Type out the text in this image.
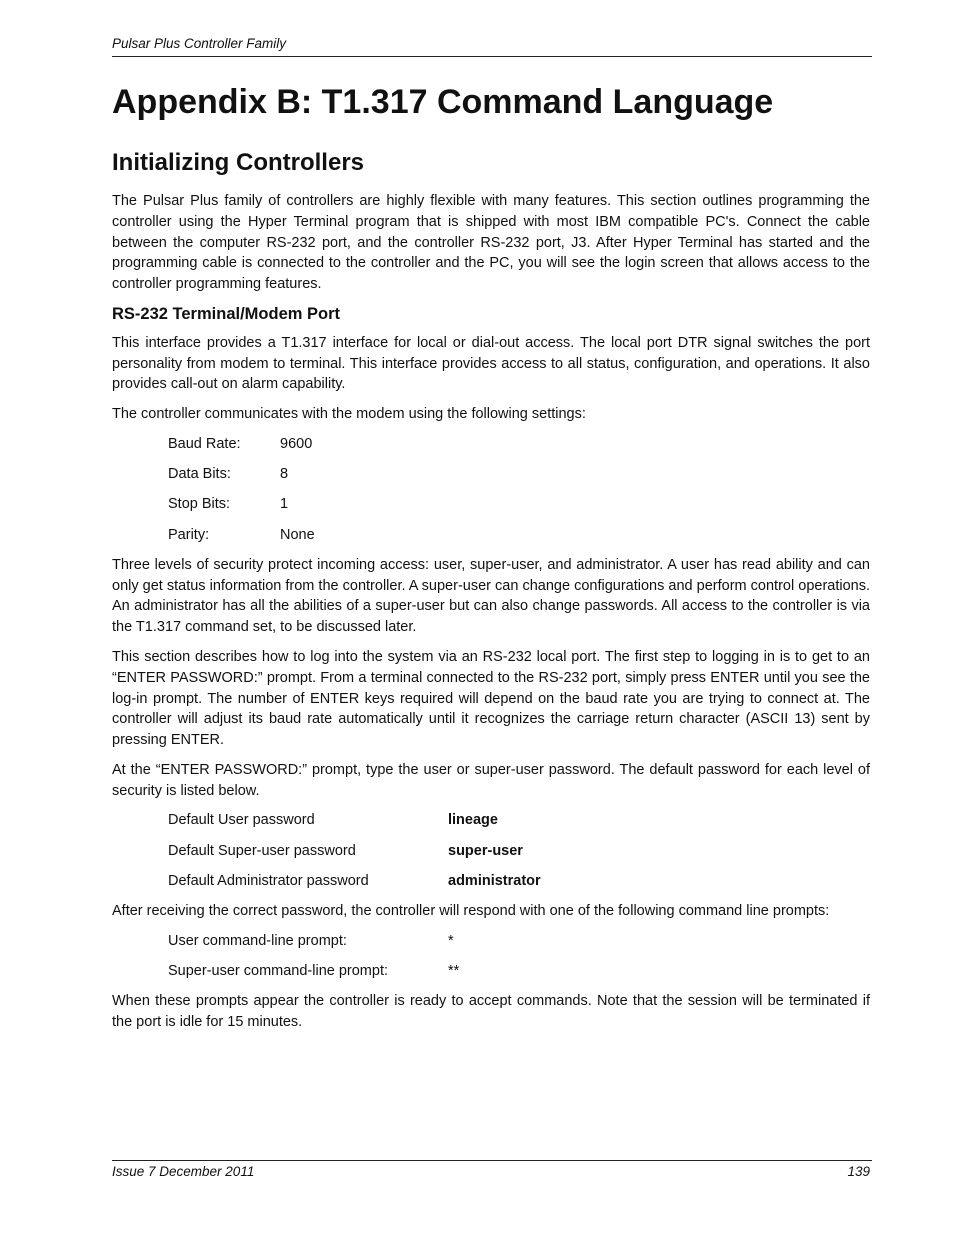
Pulsar Plus Controller Family
Appendix B: T1.317 Command Language
Initializing Controllers

The Pulsar Plus family of controllers are highly flexible with many features. This section outlines programming the controller using the Hyper Terminal program that is shipped with most IBM compatible PC's. Connect the cable between the computer RS-232 port, and the controller RS-232 port, J3. After Hyper Terminal has started and the programming cable is connected to the controller and the PC, you will see the login screen that allows access to the controller programming features.

RS-232 Terminal/Modem Port

This interface provides a T1.317 interface for local or dial-out access. The local port DTR signal switches the port personality from modem to terminal. This interface provides access to all status, configuration, and operations. It also provides call-out on alarm capability.

The controller communicates with the modem using the following settings:

Baud Rate:	9600
Data Bits:	8
Stop Bits:	1
Parity:	None

Three levels of security protect incoming access: user, super-user, and administrator. A user has read ability and can only get status information from the controller. A super-user can change configurations and perform control operations. An administrator has all the abilities of a super-user but can also change passwords. All access to the controller is via the T1.317 command set, to be discussed later.

This section describes how to log into the system via an RS-232 local port. The first step to logging in is to get to an “ENTER PASSWORD:” prompt. From a terminal connected to the RS-232 port, simply press ENTER until you see the log-in prompt. The number of ENTER keys required will depend on the baud rate you are trying to connect at. The controller will adjust its baud rate automatically until it recognizes the carriage return character (ASCII 13) sent by pressing ENTER.

At the “ENTER PASSWORD:” prompt, type the user or super-user password. The default password for each level of security is listed below.

Default User password	lineage
Default Super-user password	super-user
Default Administrator password	administrator

After receiving the correct password, the controller will respond with one of the following command line prompts:

User command-line prompt:	*
Super-user command-line prompt:	**

When these prompts appear the controller is ready to accept commands. Note that the session will be terminated if the port is idle for 15 minutes.

Issue 7 December 2011	139
